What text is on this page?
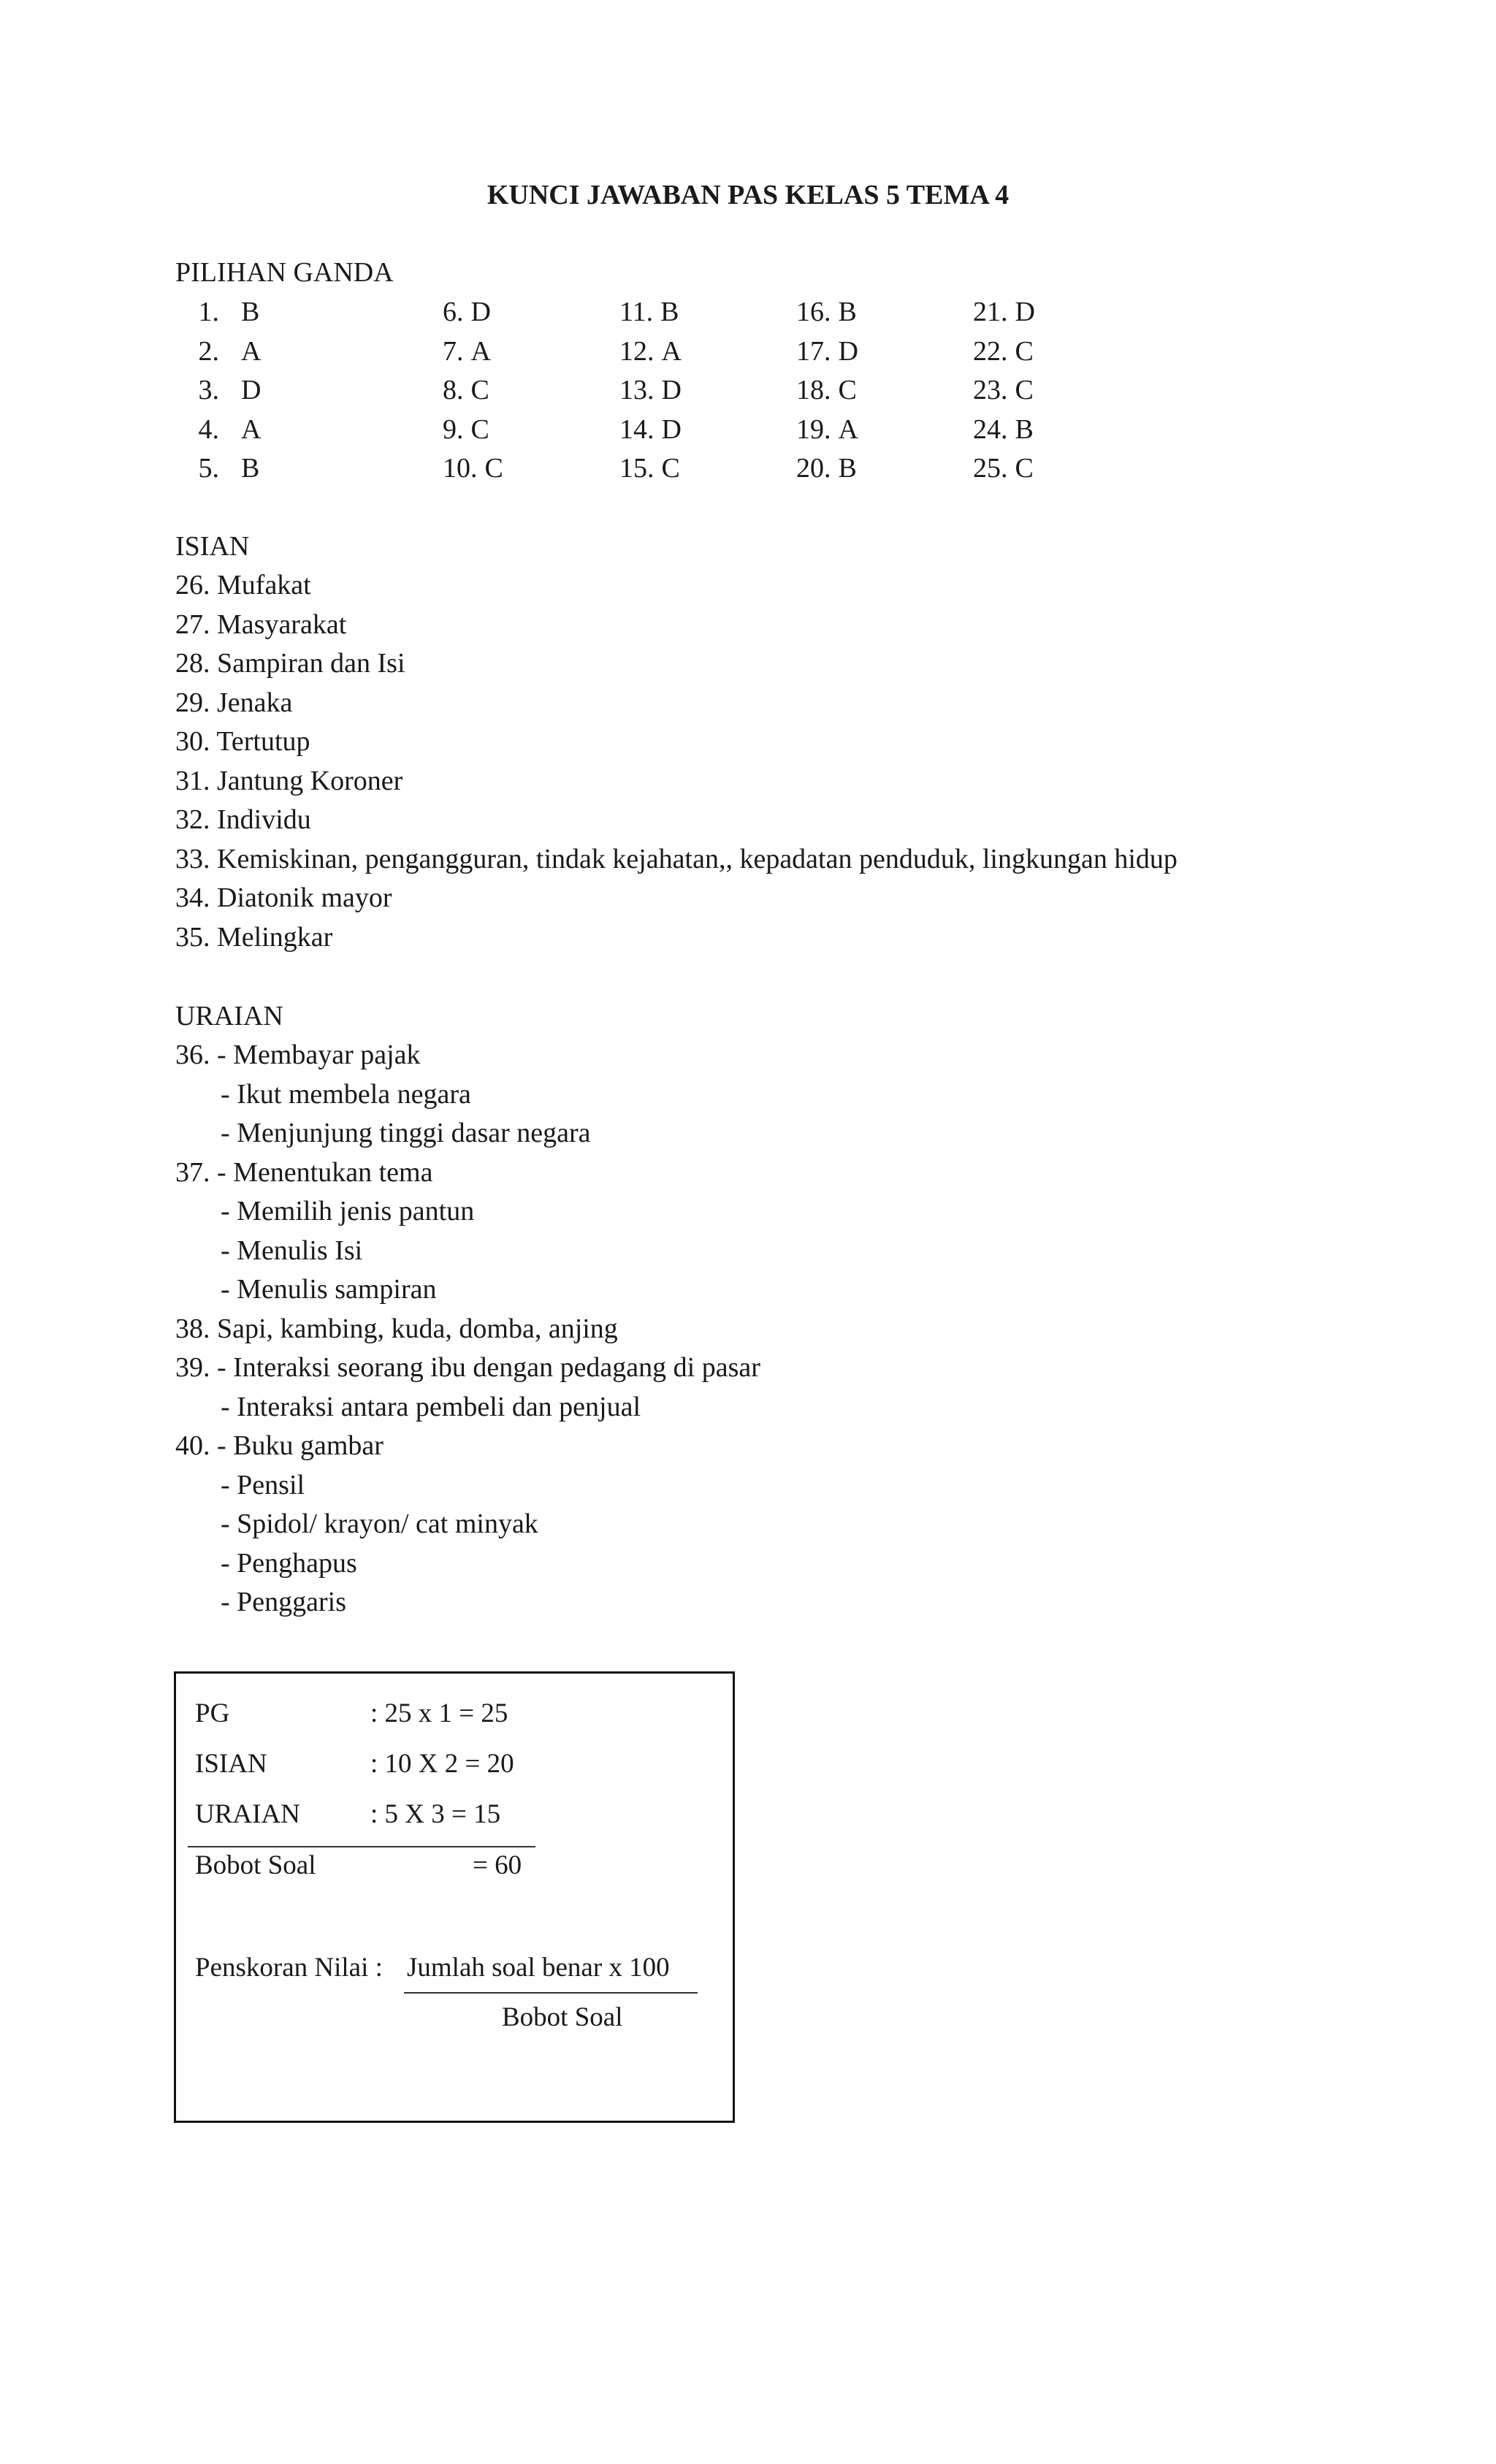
KUNCI JAWABAN PAS KELAS 5 TEMA 4
PILIHAN GANDA
1. B	6. D	11. B	16. B	21. D
2. A	7. A	12. A	17. D	22. C
3. D	8. C	13. D	18. C	23. C
4. A	9. C	14. D	19. A	24. B
5. B	10. C	15. C	20. B	25. C
ISIAN
26. Mufakat
27. Masyarakat
28. Sampiran dan Isi
29. Jenaka
30. Tertutup
31. Jantung Koroner
32. Individu
33. Kemiskinan, pengangguran, tindak kejahatan,, kepadatan penduduk, lingkungan hidup
34. Diatonik mayor
35. Melingkar
URAIAN
36. - Membayar pajak
- Ikut membela negara
- Menjunjung tinggi dasar negara
37. - Menentukan tema
- Memilih jenis pantun
- Menulis Isi
- Menulis sampiran
38. Sapi, kambing, kuda, domba, anjing
39. - Interaksi seorang ibu dengan pedagang di pasar
- Interaksi antara pembeli dan penjual
40. - Buku gambar
- Pensil
- Spidol/ krayon/ cat minyak
- Penghapus
- Penggaris
PG	: 25 x 1 = 25
ISIAN	: 10 X 2 = 20
URAIAN	: 5 X 3 = 15
Bobot Soal	= 60
Penskoran Nilai : Jumlah soal benar x 100
Bobot Soal
